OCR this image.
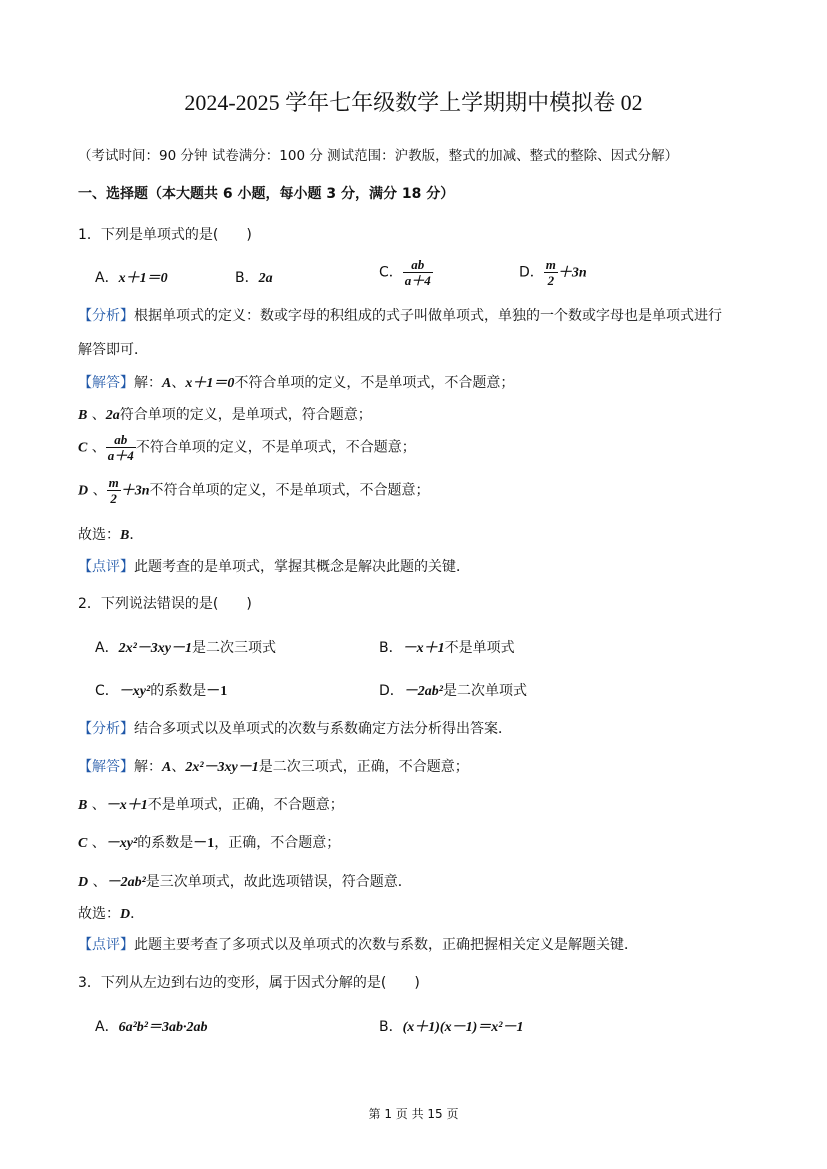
2024-2025 学年七年级数学上学期期中模拟卷 02
（考试时间：90 分钟 试卷满分：100 分 测试范围：沪教版，整式的加减、整式的整除、因式分解）
一、选择题（本大题共 6 小题，每小题 3 分，满分 18 分）
1．下列是单项式的是(　　)
A．x＋1＝0	B．2a	C． $\frac{ab}{a+4}$	D． $\frac{m}{2} +3n$
【分析】根据单项式的定义：数或字母的积组成的式子叫做单项式，单独的一个数或字母也是单项式进行
解答即可．
【解答】解：A、x＋1＝0不符合单项的定义，不是单项式，不合题意；
B 、2a符合单项的定义，是单项式，符合题意；
C 、 $\frac{ab}{a+4}$ 不符合单项的定义，不是单项式，不合题意；
D 、 $\frac{m}{2} +3n$不符合单项的定义，不是单项式，不合题意；
故选：B．
【点评】此题考查的是单项式，掌握其概念是解决此题的关键．
2．下列说法错误的是(　　)
A．2x²－3xy－1是二次三项式	B．－x＋1不是单项式
C．－xy²的系数是－1	D．－2ab²是二次单项式
【分析】结合多项式以及单项式的次数与系数确定方法分析得出答案．
【解答】解：A、2x²－3xy－1是二次三项式，正确，不合题意；
B 、－x＋1不是单项式，正确，不合题意；
C 、－xy²的系数是－1，正确，不合题意；
D 、－2ab²是三次单项式，故此选项错误，符合题意．
故选：D．
【点评】此题主要考查了多项式以及单项式的次数与系数，正确把握相关定义是解题关键．
3．下列从左边到右边的变形，属于因式分解的是(　　)
A．6a²b²＝3ab·2ab	B．(x＋1)(x－1)＝x²－1
第 1 页 共 15 页
